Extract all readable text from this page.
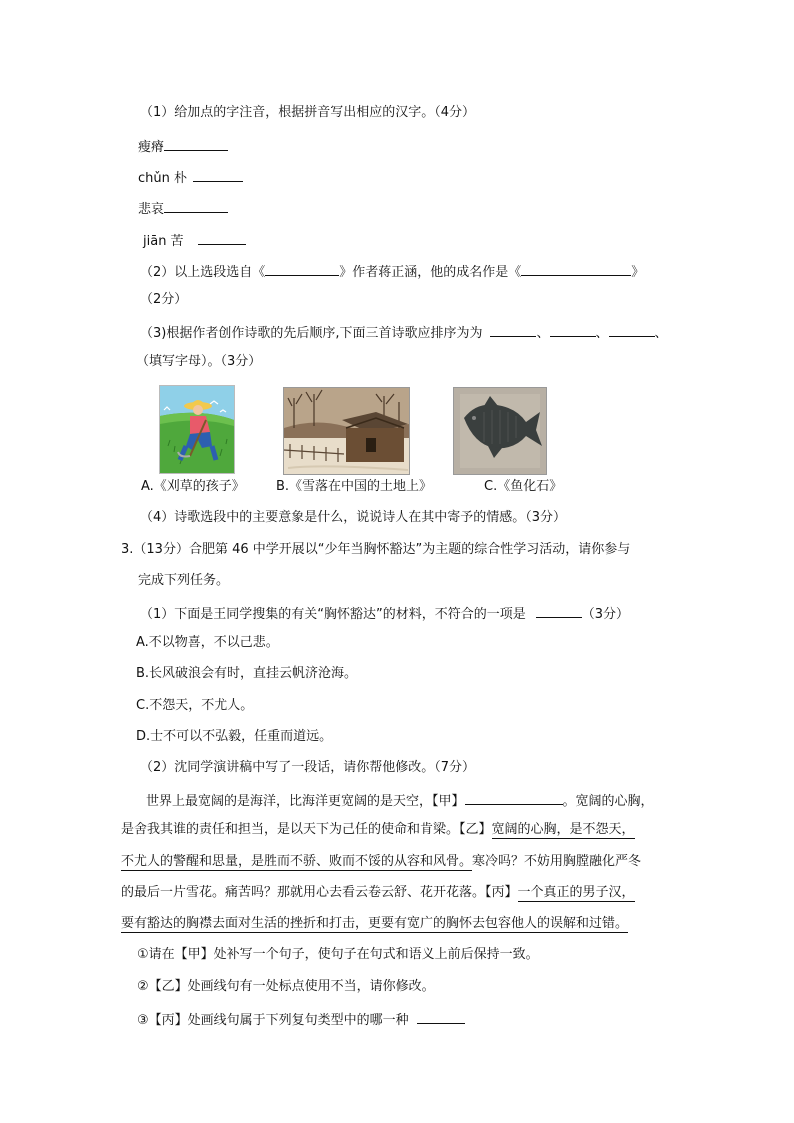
（1）给加点的字注音，根据拼音写出相应的汉字。（4分）
瘦瘠
chǔn 朴
悲哀
jiān 苦
（2）以上选段选自《	》作者蒋正涵，他的成名作是《	》
（2分）
（3)根据作者创作诗歌的先后顺序,下面三首诗歌应排序为为	、	、	、
（填写字母）。（3分）
A.《刈草的孩子》 B.《雪落在中国的土地上》	C.《鱼化石》
（4）诗歌选段中的主要意象是什么，说说诗人在其中寄予的情感。（3分）
3.（13分）合肥第 46 中学开展以“少年当胸怀豁达”为主题的综合性学习活动，请你参与
完成下列任务。
（1）下面是王同学搜集的有关“胸怀豁达”的材料，不符合的一项是	（3分）
A.不以物喜，不以己悲。
B.长风破浪会有时，直挂云帆济沧海。
C.不怨天，不尤人。
D.士不可以不弘毅，任重而道远。
（2）沈同学演讲稿中写了一段话，请你帮他修改。（7分）
世界上最宽阔的是海洋，比海洋更宽阔的是天空，【甲】	。宽阔的心胸，
是舍我其谁的责任和担当，是以天下为己任的使命和肯梁。【乙】宽阔的心胸，是不怨天，
不尤人的警醒和思量，是胜而不骄、败而不馁的从容和风骨。寒冷吗？不妨用胸膛融化严冬
的最后一片雪花。痛苦吗？那就用心去看云卷云舒、花开花落。【丙】一个真正的男子汉，
要有豁达的胸襟去面对生活的挫折和打击，更要有宽广的胸怀去包容他人的误解和过错。
①请在【甲】处补写一个句子，使句子在句式和语义上前后保持一致。
②【乙】处画线句有一处标点使用不当，请你修改。
③【丙】处画线句属于下列复句类型中的哪一种
